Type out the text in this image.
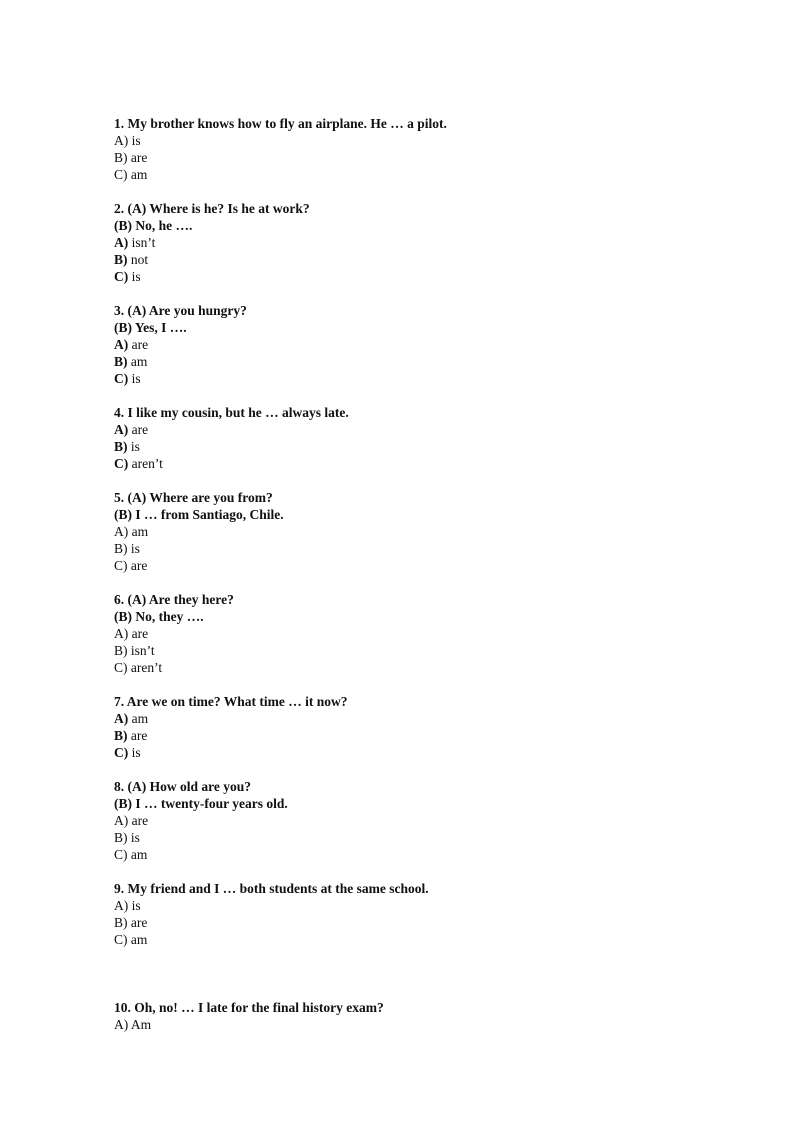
1. My brother knows how to fly an airplane. He … a pilot.
A) is
B) are
C) am
2. (A) Where is he? Is he at work?
(B) No, he ….
A) isn’t
B) not
C) is
3. (A) Are you hungry?
(B) Yes, I ….
A) are
B) am
C) is
4. I like my cousin, but he … always late.
A) are
B) is
C) aren’t
5. (A) Where are you from?
(B) I … from Santiago, Chile.
A) am
B) is
C) are
6. (A) Are they here?
(B) No, they ….
A) are
B) isn’t
C) aren’t
7. Are we on time? What time … it now?
A) am
B) are
C) is
8. (A) How old are you?
(B) I … twenty-four years old.
A) are
B) is
C) am
9. My friend and I … both students at the same school.
A) is
B) are
C) am
10. Oh, no! … I late for the final history exam?
A) Am
